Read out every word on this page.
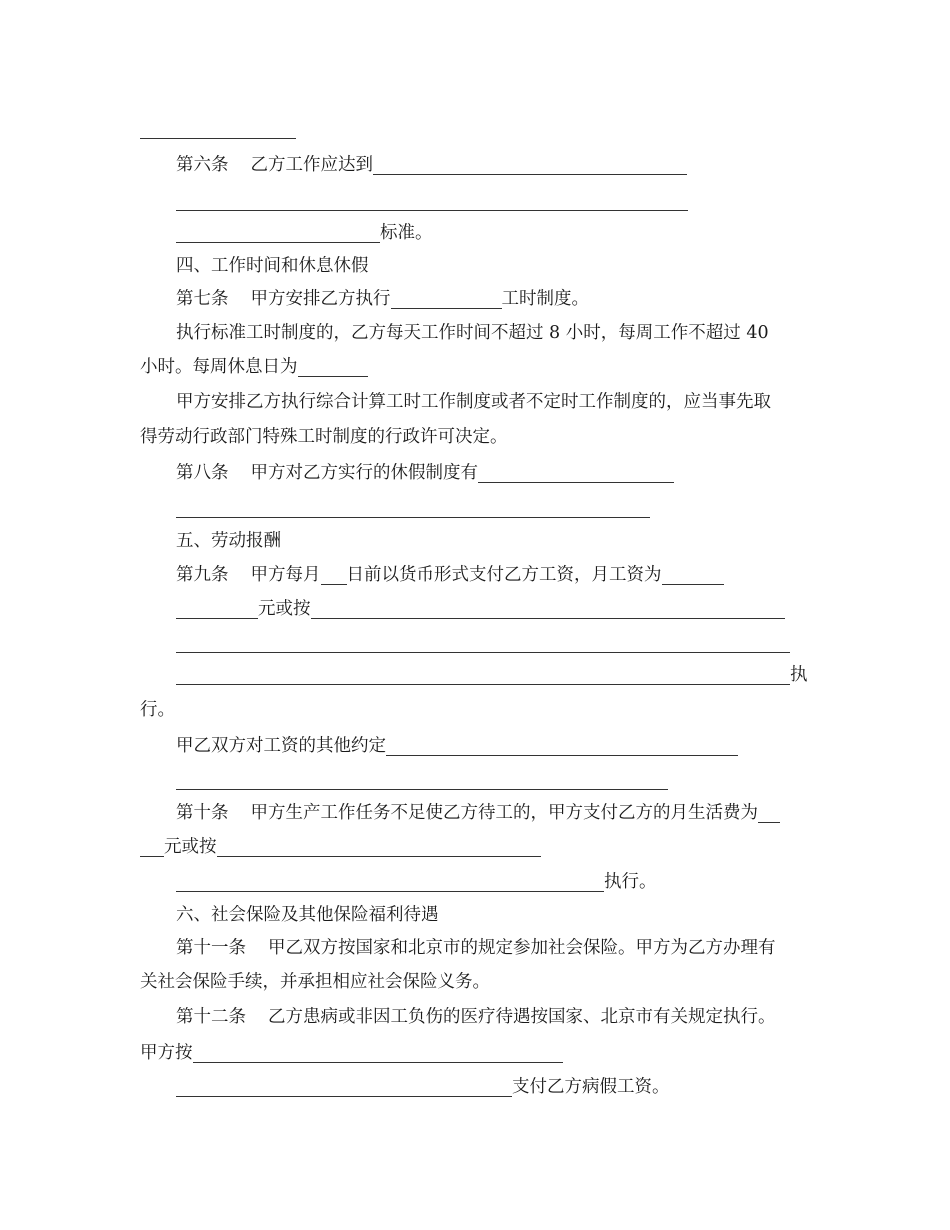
第六条 乙方工作应达到
标准。
四、工作时间和休息休假
第七条 甲方安排乙方执行	工时制度。
执行标准工时制度的，乙方每天工作时间不超过 8 小时，每周工作不超过 40
小时。每周休息日为
甲方安排乙方执行综合计算工时工作制度或者不定时工作制度的，应当事先取
得劳动行政部门特殊工时制度的行政许可决定。
第八条 甲方对乙方实行的休假制度有
五、劳动报酬
第九条 甲方每月 日前以货币形式支付乙方工资，月工资为
元或按
执
行。
甲乙双方对工资的其他约定
第十条 甲方生产工作任务不足使乙方待工的，甲方支付乙方的月生活费为
元或按
执行。
六、社会保险及其他保险福利待遇
第十一条 甲乙双方按国家和北京市的规定参加社会保险。甲方为乙方办理有
关社会保险手续，并承担相应社会保险义务。
第十二条 乙方患病或非因工负伤的医疗待遇按国家、北京市有关规定执行。
甲方按
支付乙方病假工资。
